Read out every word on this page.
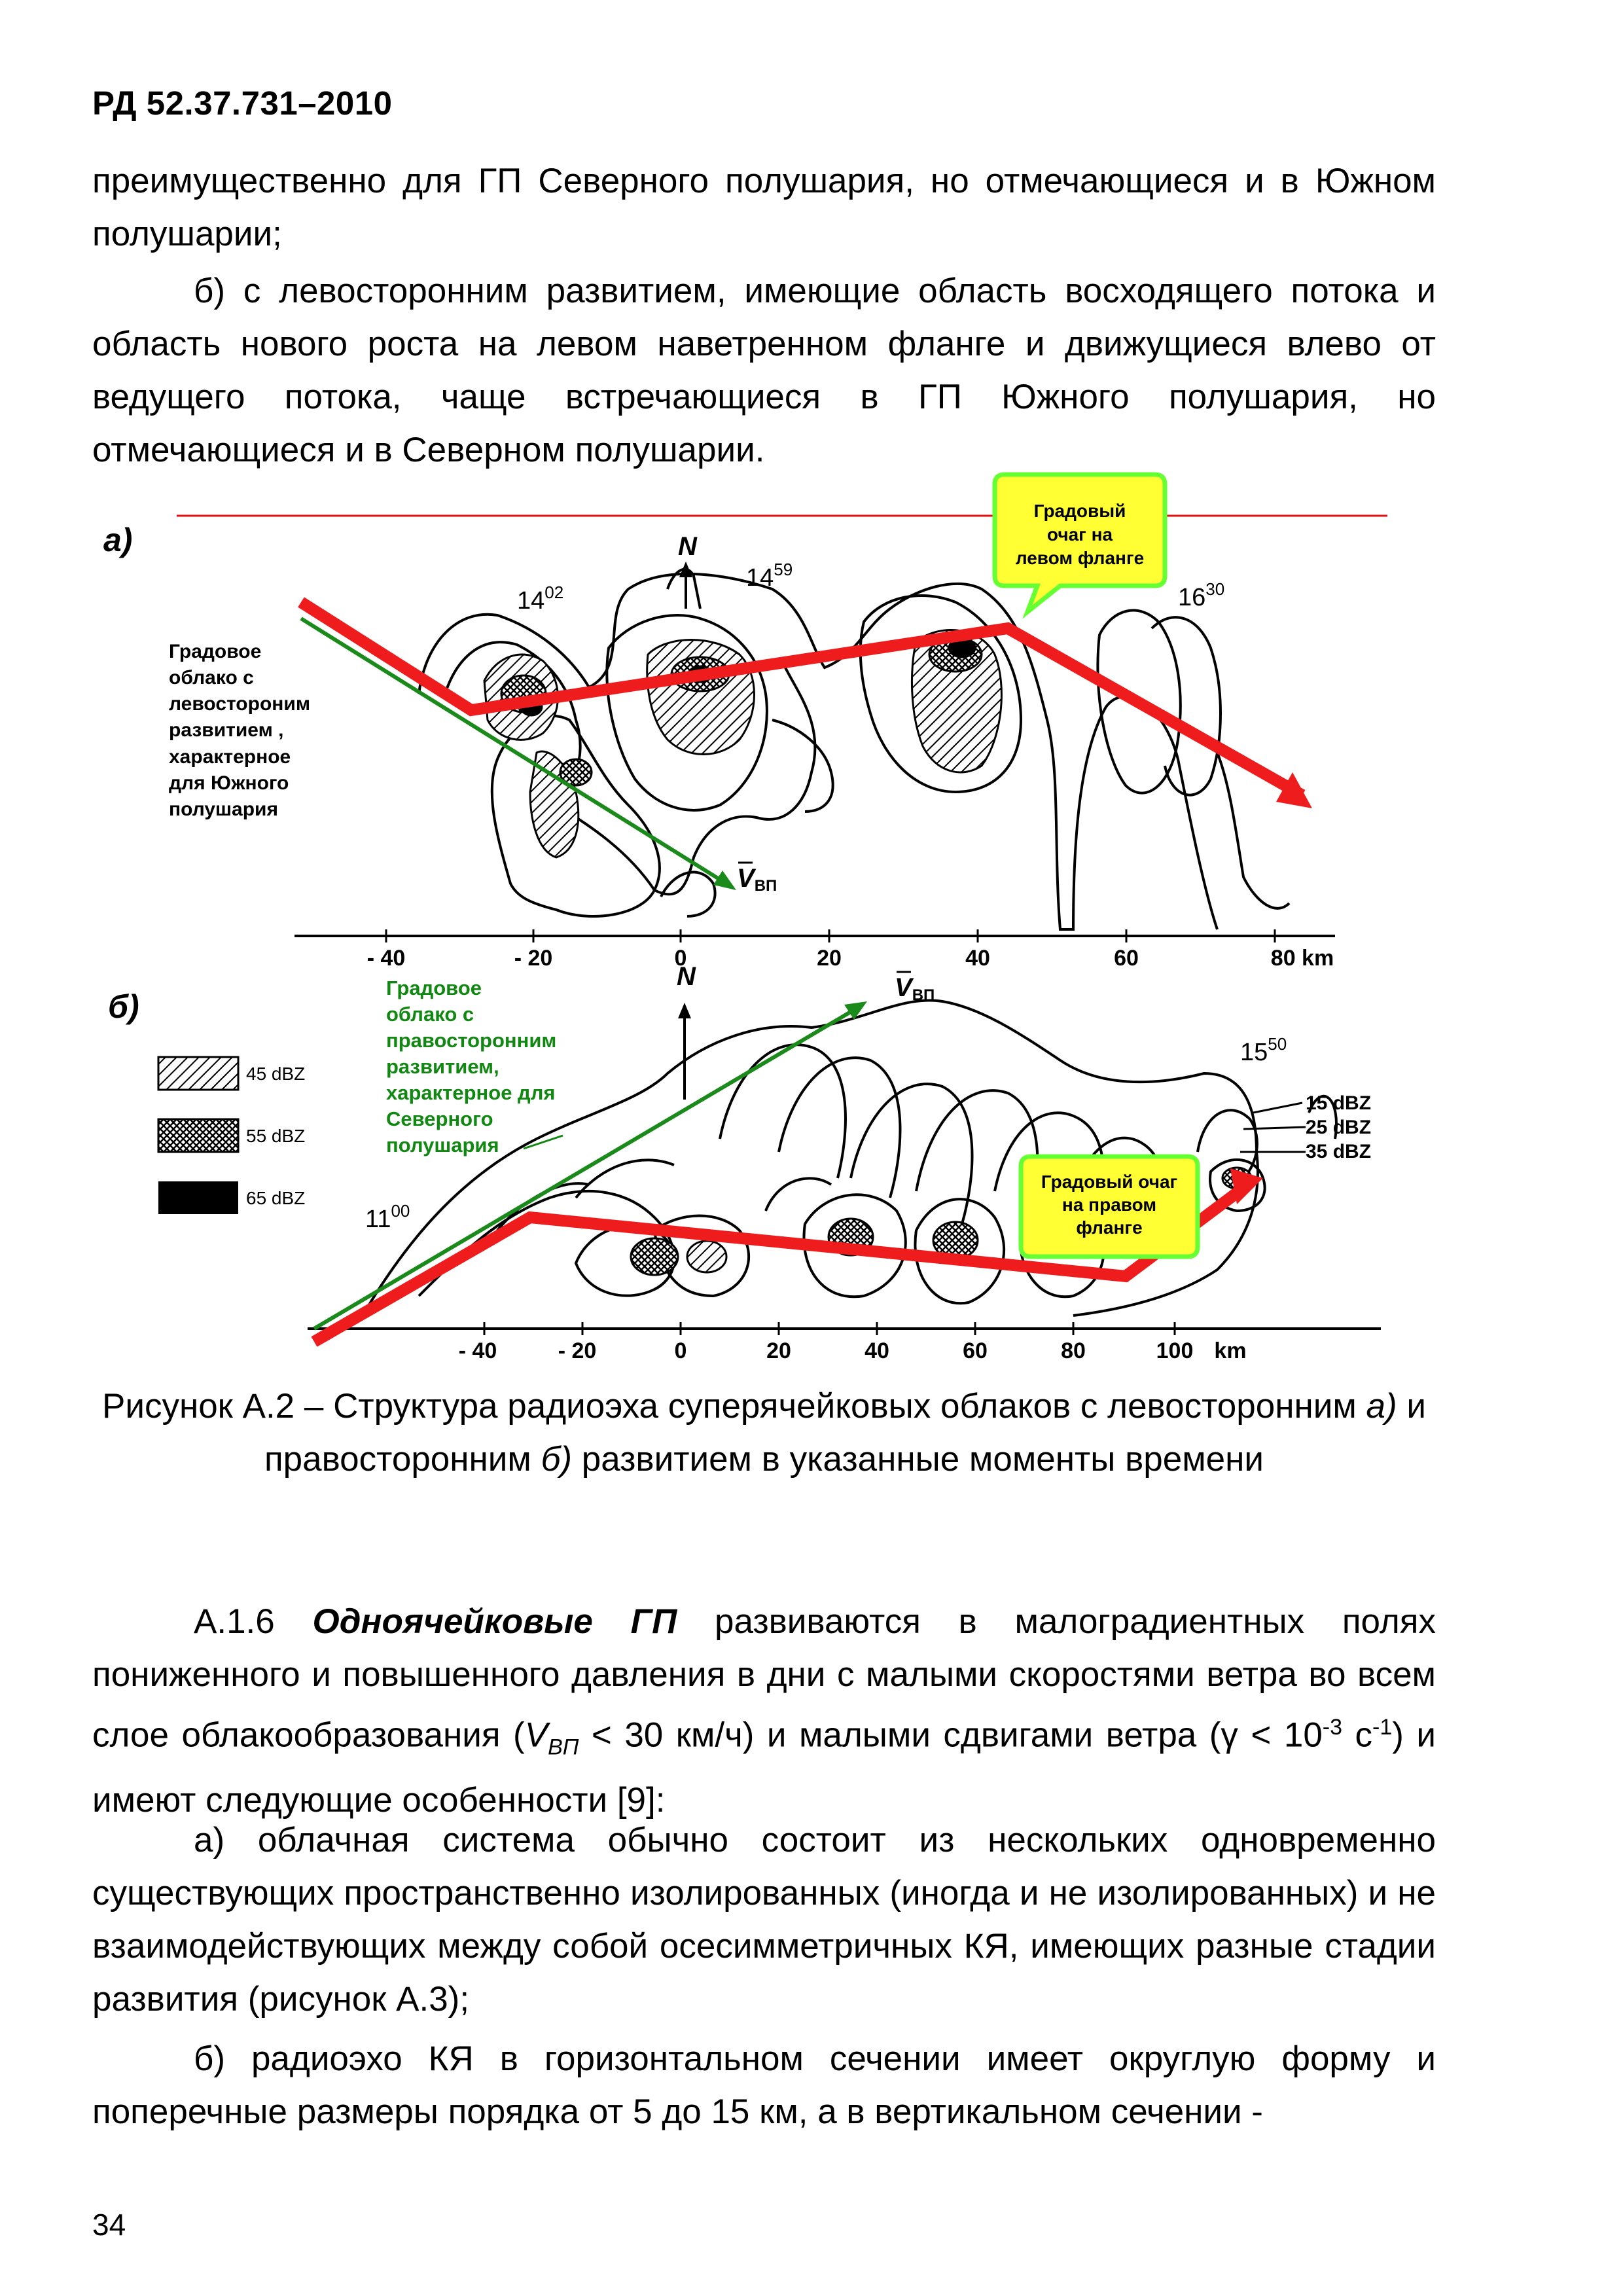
РД 52.37.731–2010

преимущественно для ГП Северного полушария, но отмечающиеся и в Южном полушарии;

б) с левосторонним развитием, имеющие область восходящего потока и область нового роста на левом наветренном фланге и движущиеся влево от ведущего потока, чаще встречающиеся в ГП Южного полушария, но отмечающиеся и в Северном полушарии.

а)
- 40	- 20	0	20	40	60	80 km
N
$14^{02}$
$14^{59}$
$16^{30}$
VВП
Градовое
облако с
левостороним
развитием ,
характерное
для Южного
полушария
Градовый
очаг на
левом фланге
б)
45 dBZ
55 dBZ
65 dBZ
- 40	- 20	0	20	40	60	80	100 km
N
$11^{00}$
$15^{50}$
15 dBZ
25 dBZ
35 dBZ
VВП
Градовое
облако с
правосторонним
развитием,
характерное для
Северного
полушария
Градовый очаг
на правом
фланге

Рисунок А.2 – Структура радиоэха суперячейковых облаков с левосторонним а) и правосторонним б) развитием в указанные моменты времени

А.1.6 Одноячейковые ГП развиваются в малоградиентных полях пониженного и повышенного давления в дни с малыми скоростями ветра во всем слое облакообразования ($V_{ВП} < 30$ км/ч) и малыми сдвигами ветра ($\gamma < 10^{-3}$ $c^{-1}$) и имеют следующие особенности [9]:

а) облачная система обычно состоит из нескольких одновременно существующих пространственно изолированных (иногда и не изолированных) и не взаимодействующих между собой осесимметричных КЯ, имеющих разные стадии развития (рисунок А.3);

б) радиоэхо КЯ в горизонтальном сечении имеет округлую форму и поперечные размеры порядка от 5 до 15 км, а в вертикальном сечении -

34
